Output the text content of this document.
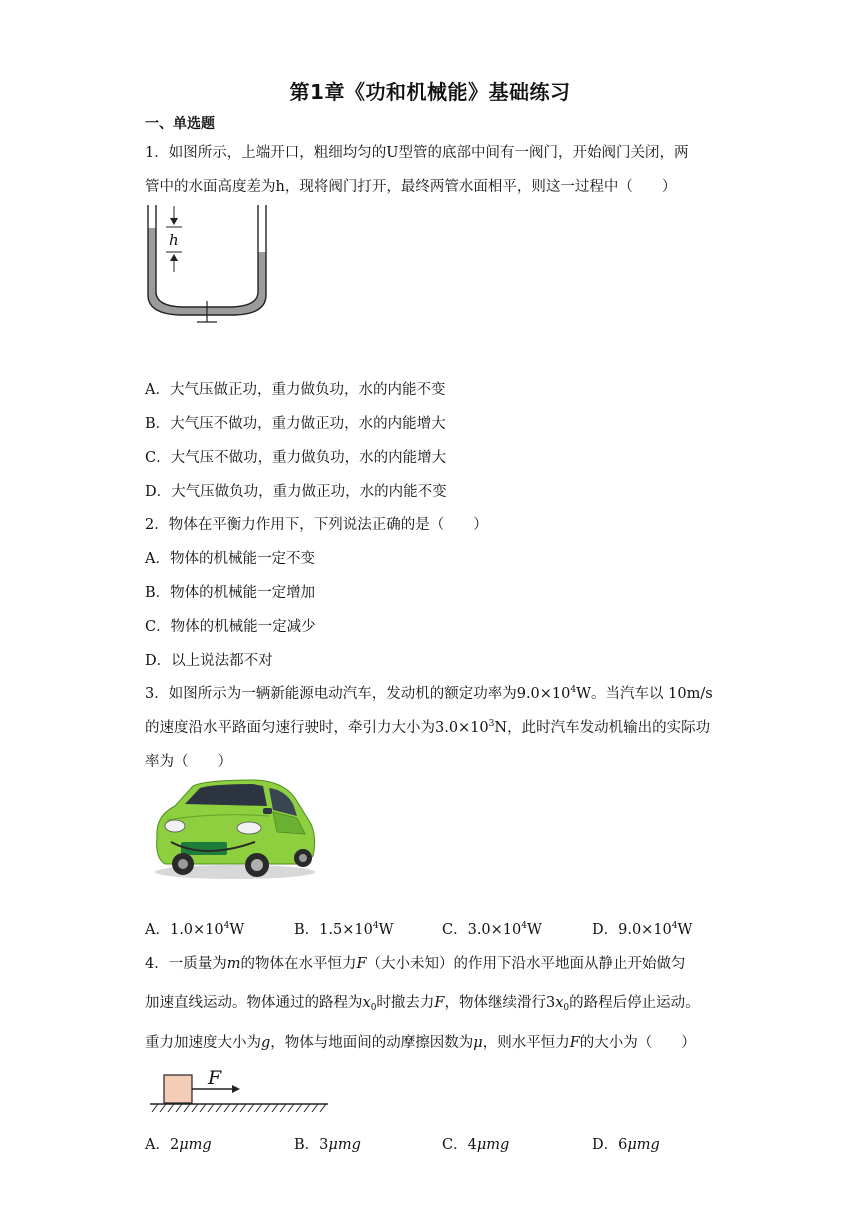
第1章《功和机械能》基础练习
一、单选题
1．如图所示，上端开口，粗细均匀的U型管的底部中间有一阀门，开始阀门关闭，两
管中的水面高度差为h，现将阀门打开，最终两管水面相平，则这一过程中（　　）
h
A．大气压做正功，重力做负功，水的内能不变
B．大气压不做功，重力做正功，水的内能增大
C．大气压不做功，重力做负功，水的内能增大
D．大气压做负功，重力做正功，水的内能不变
2．物体在平衡力作用下，下列说法正确的是（　　）
A．物体的机械能一定不变
B．物体的机械能一定增加
C．物体的机械能一定减少
D．以上说法都不对
3．如图所示为一辆新能源电动汽车，发动机的额定功率为$9.0\times 10^4W$。当汽车以 10m/s
的速度沿水平路面匀速行驶时，牵引力大小为$3.0\times 10^3N$，此时汽车发动机输出的实际功
率为（　　）
A．$1.0\times 10^4W$	B．$1.5\times 10^4W$	C．$3.0\times 10^4W$	D．$9.0\times 10^4W$
4．一质量为m的物体在水平恒力F（大小未知）的作用下沿水平地面从静止开始做匀
加速直线运动。物体通过的路程为$x_0$时撤去力F，物体继续滑行$3x_0$的路程后停止运动。
重力加速度大小为g，物体与地面间的动摩擦因数为μ，则水平恒力F的大小为（　　）
F
A．2μmg	B．3μmg	C．4μmg	D．6μmg
